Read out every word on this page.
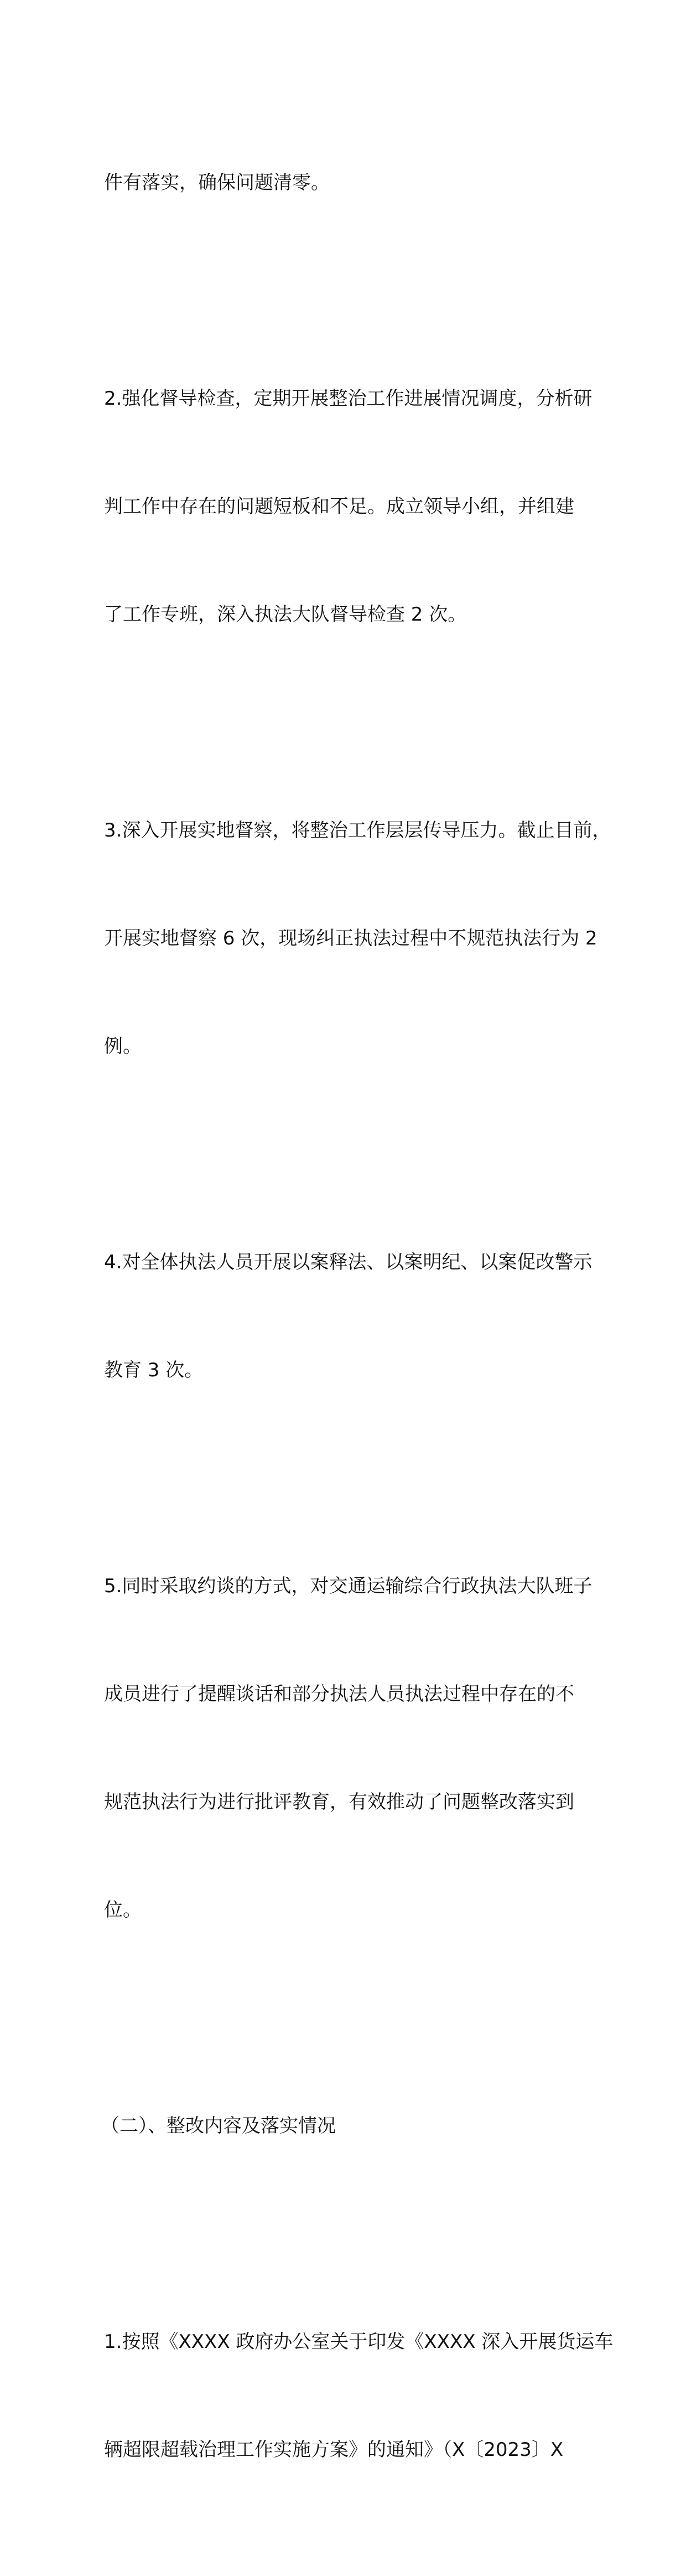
件有落实，确保问题清零。

2.强化督导检查，定期开展整治工作进展情况调度，分析研

判工作中存在的问题短板和不足。成立领导小组，并组建

了工作专班，深入执法大队督导检查 2 次。

3.深入开展实地督察，将整治工作层层传导压力。截止目前，

开展实地督察 6 次，现场纠正执法过程中不规范执法行为 2

例。

4.对全体执法人员开展以案释法、以案明纪、以案促改警示

教育 3 次。

5.同时采取约谈的方式，对交通运输综合行政执法大队班子

成员进行了提醒谈话和部分执法人员执法过程中存在的不

规范执法行为进行批评教育，有效推动了问题整改落实到

位。

（二）、整改内容及落实情况

1.按照《XXXX 政府办公室关于印发《XXXX 深入开展货运车

辆超限超载治理工作实施方案》的通知》（X〔2023〕X
